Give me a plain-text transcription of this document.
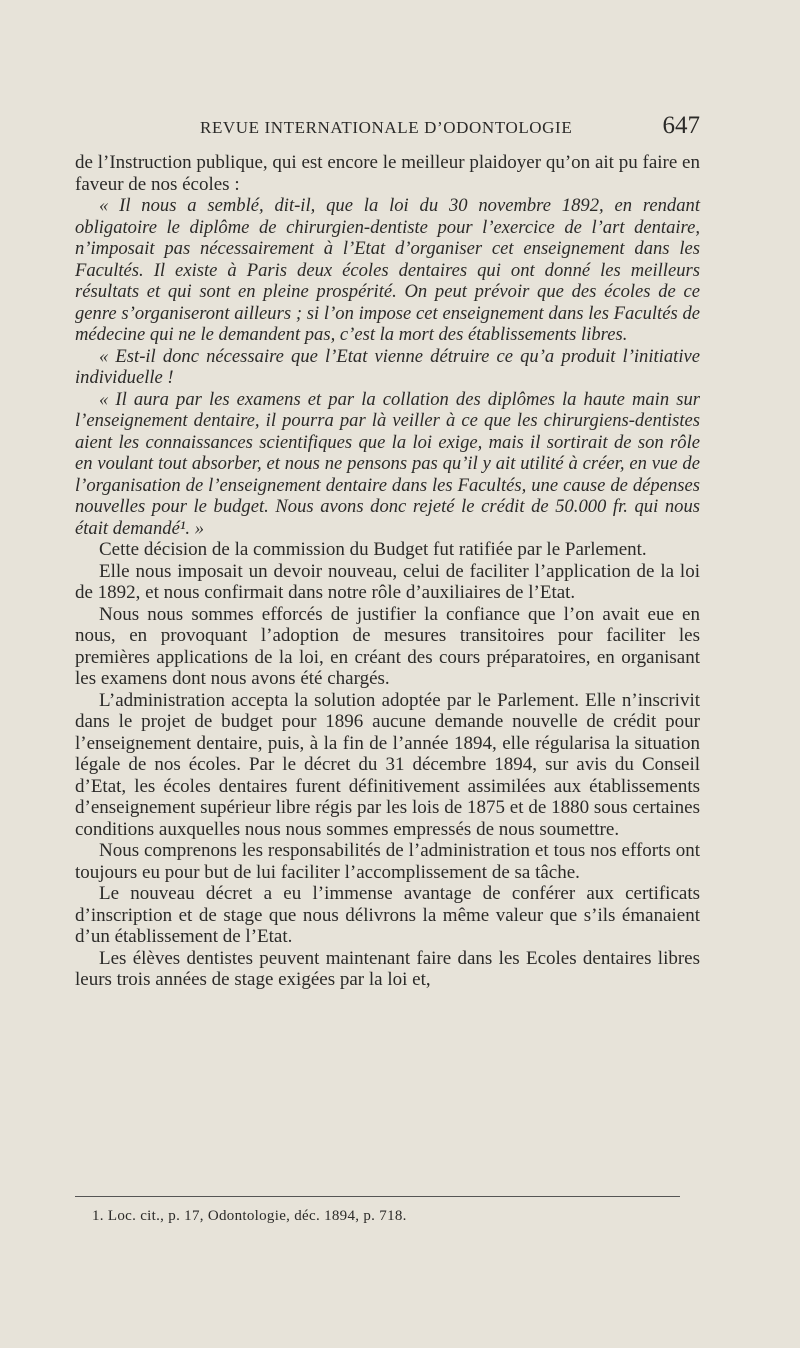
REVUE INTERNATIONALE D’ODONTOLOGIE	647

de l’Instruction publique, qui est encore le meilleur plaidoyer qu’on ait pu faire en faveur de nos écoles :

« Il nous a semblé, dit-il, que la loi du 30 novembre 1892, en rendant obligatoire le diplôme de chirurgien-dentiste pour l’exercice de l’art dentaire, n’imposait pas nécessairement à l’Etat d’organiser cet enseignement dans les Facultés. Il existe à Paris deux écoles dentaires qui ont donné les meilleurs résultats et qui sont en pleine prospérité. On peut prévoir que des écoles de ce genre s’organiseront ailleurs ; si l’on impose cet enseignement dans les Facultés de médecine qui ne le demandent pas, c’est la mort des établissements libres.

« Est-il donc nécessaire que l’Etat vienne détruire ce qu’a produit l’initiative individuelle !

« Il aura par les examens et par la collation des diplômes la haute main sur l’enseignement dentaire, il pourra par là veiller à ce que les chirurgiens-dentistes aient les connaissances scientifiques que la loi exige, mais il sortirait de son rôle en voulant tout absorber, et nous ne pensons pas qu’il y ait utilité à créer, en vue de l’organisation de l’enseignement dentaire dans les Facultés, une cause de dépenses nouvelles pour le budget. Nous avons donc rejeté le crédit de 50.000 fr. qui nous était demandé¹. »

Cette décision de la commission du Budget fut ratifiée par le Parlement.

Elle nous imposait un devoir nouveau, celui de faciliter l’application de la loi de 1892, et nous confirmait dans notre rôle d’auxiliaires de l’Etat.

Nous nous sommes efforcés de justifier la confiance que l’on avait eue en nous, en provoquant l’adoption de mesures transitoires pour faciliter les premières applications de la loi, en créant des cours préparatoires, en organisant les examens dont nous avons été chargés.

L’administration accepta la solution adoptée par le Parlement. Elle n’inscrivit dans le projet de budget pour 1896 aucune demande nouvelle de crédit pour l’enseignement dentaire, puis, à la fin de l’année 1894, elle régularisa la situation légale de nos écoles. Par le décret du 31 décembre 1894, sur avis du Conseil d’Etat, les écoles dentaires furent définitivement assimilées aux établissements d’enseignement supérieur libre régis par les lois de 1875 et de 1880 sous certaines conditions auxquelles nous nous sommes empressés de nous soumettre.

Nous comprenons les responsabilités de l’administration et tous nos efforts ont toujours eu pour but de lui faciliter l’accomplissement de sa tâche.

Le nouveau décret a eu l’immense avantage de conférer aux certificats d’inscription et de stage que nous délivrons la même valeur que s’ils émanaient d’un établissement de l’Etat.

Les élèves dentistes peuvent maintenant faire dans les Ecoles dentaires libres leurs trois années de stage exigées par la loi et,

1. Loc. cit., p. 17, Odontologie, déc. 1894, p. 718.
